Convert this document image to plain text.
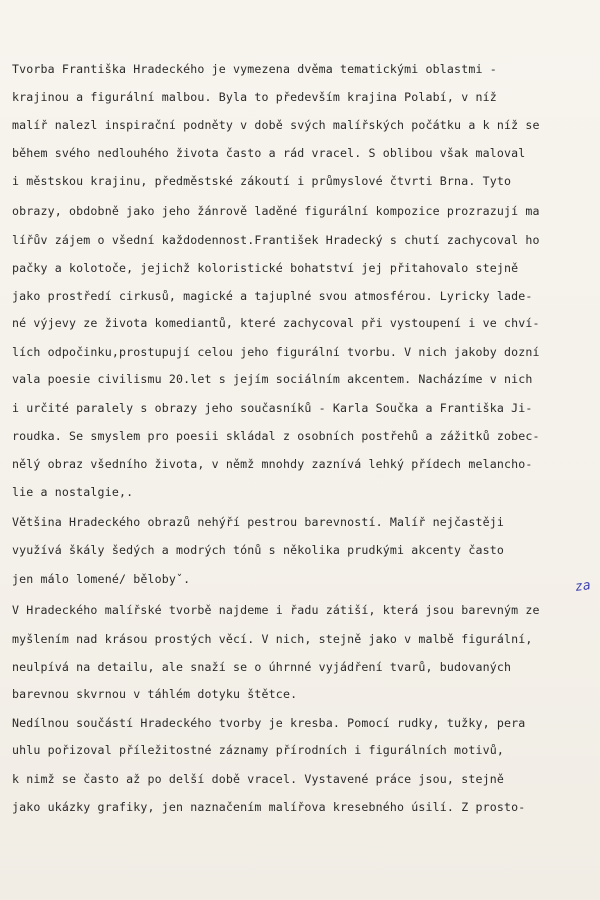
Tvorba Františka Hradeckého je vymezena dvěma tematickými oblastmi -
krajinou a figurální malbou. Byla to především krajina Polabí, v níž
malíř nalezl inspirační podněty v době svých malířských počátku a k níž se
během svého nedlouhého života často a rád vracel. S oblibou však maloval
i městskou krajinu, předměstské zákoutí i průmyslové čtvrti Brna. Tyto
obrazy, obdobně jako jeho žánrově laděné figurální kompozice prozrazují ma
lířův zájem o všední každodennost.František Hradecký s chutí zachycoval ho
pačky a kolotoče, jejichž koloristické bohatství jej přitahovalo stejně
jako prostředí cirkusů, magické a tajuplné svou atmosférou. Lyricky lade-
né výjevy ze života komediantů, které zachycoval při vystoupení i ve chví-
lích odpočinku,prostupují celou jeho figurální tvorbu. V nich jakoby dozní
vala poesie civilismu 20.let s jejím sociálním akcentem. Nacházíme v nich
i určité paralely s obrazy jeho současníků - Karla Součka a Františka Ji-
roudka. Se smyslem pro poesii skládal z osobních postřehů a zážitků zobec-
nělý obraz všedního života, v němž mnohdy zaznívá lehký přídech melancho-
lie a nostalgie,.
Většina Hradeckého obrazů nehýří pestrou barevností. Malíř nejčastěji
využívá škály šedých a modrých tónů s několika prudkými akcenty často
jen málo lomené/ bělobyˇ.
V Hradeckého malířské tvorbě najdeme i řadu zátiší, která jsou barevným ze
myšlením nad krásou prostých věcí. V nich, stejně jako v malbě figurální,
neulpívá na detailu, ale snaží se o úhrnné vyjádření tvarů, budovaných
barevnou skvrnou v táhlém dotyku štětce.
Nedílnou součástí Hradeckého tvorby je kresba. Pomocí rudky, tužky, pera
uhlu pořizoval příležitostné záznamy přírodních i figurálních motivů,
k nimž se často až po delší době vracel. Vystavené práce jsou, stejně
jako ukázky grafiky, jen naznačením malířova kresebného úsilí. Z prosto-
za
